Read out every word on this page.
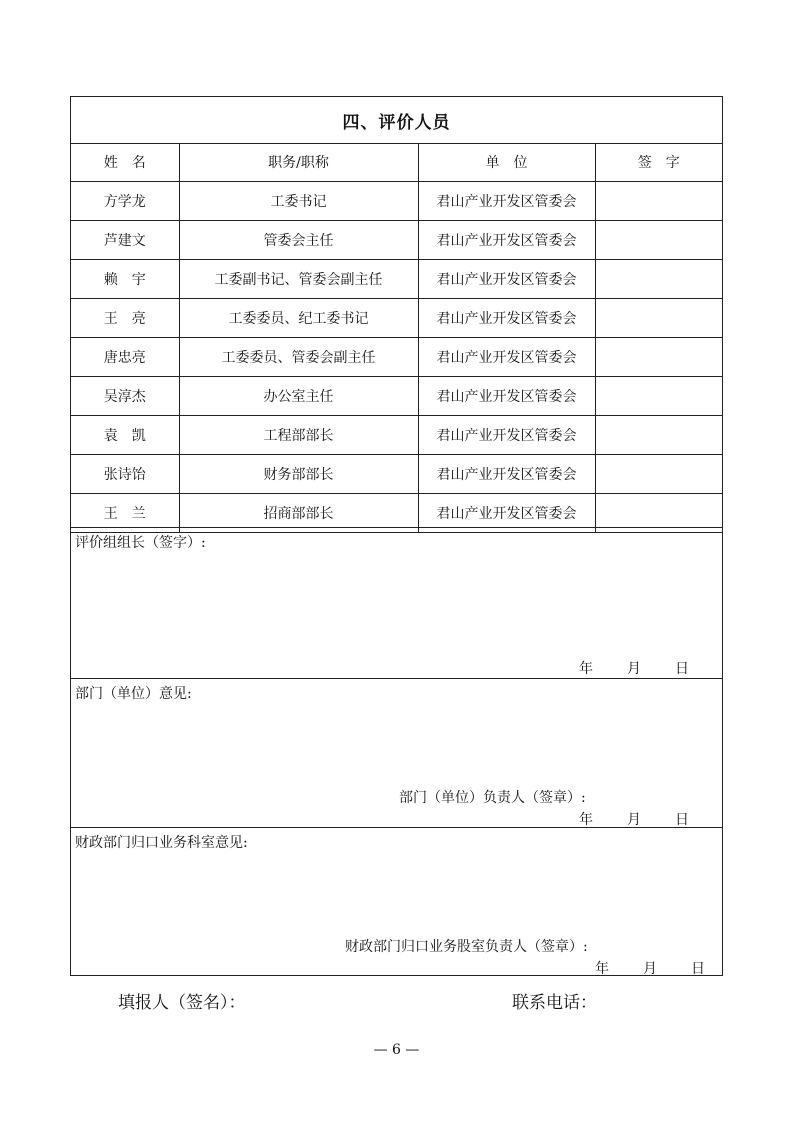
四、评价人员
姓　名	职务/职称	单　位	签　字
方学龙	工委书记	君山产业开发区管委会	
芦建文	管委会主任	君山产业开发区管委会	
赖　宇	工委副书记、管委会副主任	君山产业开发区管委会	
王　亮	工委委员、纪工委书记	君山产业开发区管委会	
唐忠亮	工委委员、管委会副主任	君山产业开发区管委会	
吴淳杰	办公室主任	君山产业开发区管委会	
袁　凯	工程部部长	君山产业开发区管委会	
张诗饴	财务部部长	君山产业开发区管委会	
王　兰	招商部部长	君山产业开发区管委会	
评价组组长（签字）:
年	月	日
部门（单位）意见:
部门（单位）负责人（签章）:
年	月	日
财政部门归口业务科室意见:
财政部门归口业务股室负责人（签章）:
年	月	日
填报人（签名）：	联系电话：
— 6 —
